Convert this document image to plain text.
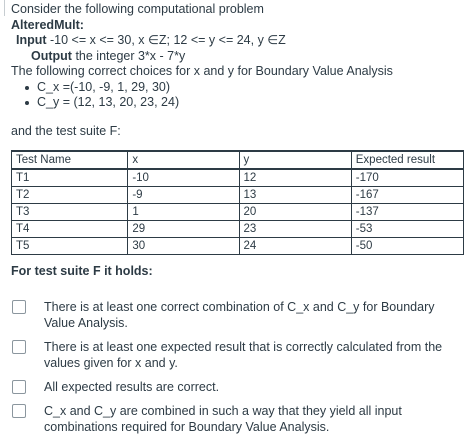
Consider the following computational problem
AlteredMult:
Input -10 <= x <= 30, x ∈Z; 12 <= y <= 24, y ∈Z
Output the integer 3*x - 7*y
The following correct choices for x and y for Boundary Value Analysis
C_x =(-10, -9, 1, 29, 30)
C_y = (12, 13, 20, 23, 24)
and the test suite F:
Test Name	x	y	Expected result
T1	-10	12	-170
T2	-9	13	-167
T3	1	20	-137
T4	29	23	-53
T5	30	24	-50
For test suite F it holds:
There is at least one correct combination of C_x and C_y for Boundary Value Analysis.
There is at least one expected result that is correctly calculated from the values given for x and y.
All expected results are correct.
C_x and C_y are combined in such a way that they yield all input combinations required for Boundary Value Analysis.
